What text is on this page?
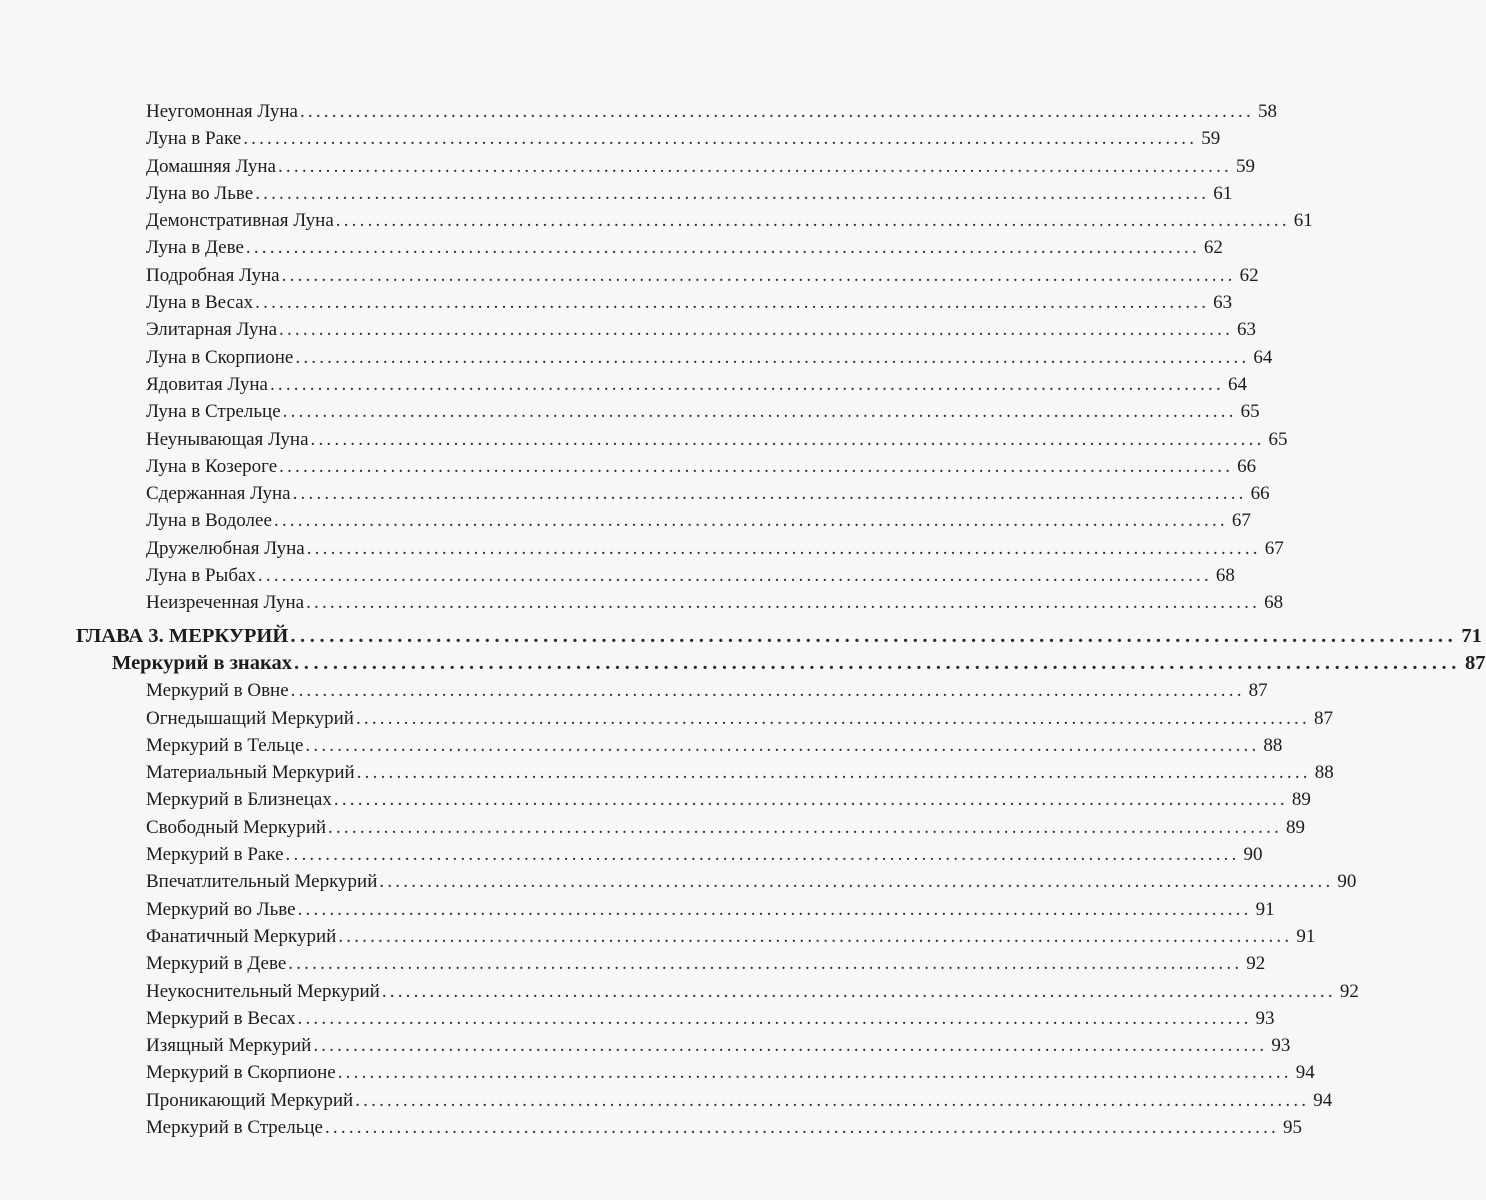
Неугомонная Луна ........................................................................................................................ 58
Луна в Раке ........................................................................................................................ 59
Домашняя Луна ........................................................................................................................ 59
Луна во Льве ........................................................................................................................ 61
Демонстративная Луна ........................................................................................................................ 61
Луна в Деве ........................................................................................................................ 62
Подробная Луна ........................................................................................................................ 62
Луна в Весах ........................................................................................................................ 63
Элитарная Луна ........................................................................................................................ 63
Луна в Скорпионе ........................................................................................................................ 64
Ядовитая Луна ........................................................................................................................ 64
Луна в Стрельце ........................................................................................................................ 65
Неунывающая Луна ........................................................................................................................ 65
Луна в Козероге ........................................................................................................................ 66
Сдержанная Луна ........................................................................................................................ 66
Луна в Водолее ........................................................................................................................ 67
Дружелюбная Луна ........................................................................................................................ 67
Луна в Рыбах ........................................................................................................................ 68
Неизреченная Луна ........................................................................................................................ 68
ГЛАВА 3. МЕРКУРИЙ ........................................................................................................................ 71
Меркурий в знаках ........................................................................................................................ 87
Меркурий в Овне ........................................................................................................................ 87
Огнедышащий Меркурий ........................................................................................................................ 87
Меркурий в Тельце ........................................................................................................................ 88
Материальный Меркурий ........................................................................................................................ 88
Меркурий в Близнецах ........................................................................................................................ 89
Свободный Меркурий ........................................................................................................................ 89
Меркурий в Раке ........................................................................................................................ 90
Впечатлительный Меркурий ........................................................................................................................ 90
Меркурий во Льве ........................................................................................................................ 91
Фанатичный Меркурий ........................................................................................................................ 91
Меркурий в Деве ........................................................................................................................ 92
Неукоснительный Меркурий ........................................................................................................................ 92
Меркурий в Весах ........................................................................................................................ 93
Изящный Меркурий ........................................................................................................................ 93
Меркурий в Скорпионе ........................................................................................................................ 94
Проникающий Меркурий ........................................................................................................................ 94
Меркурий в Стрельце ........................................................................................................................ 95
